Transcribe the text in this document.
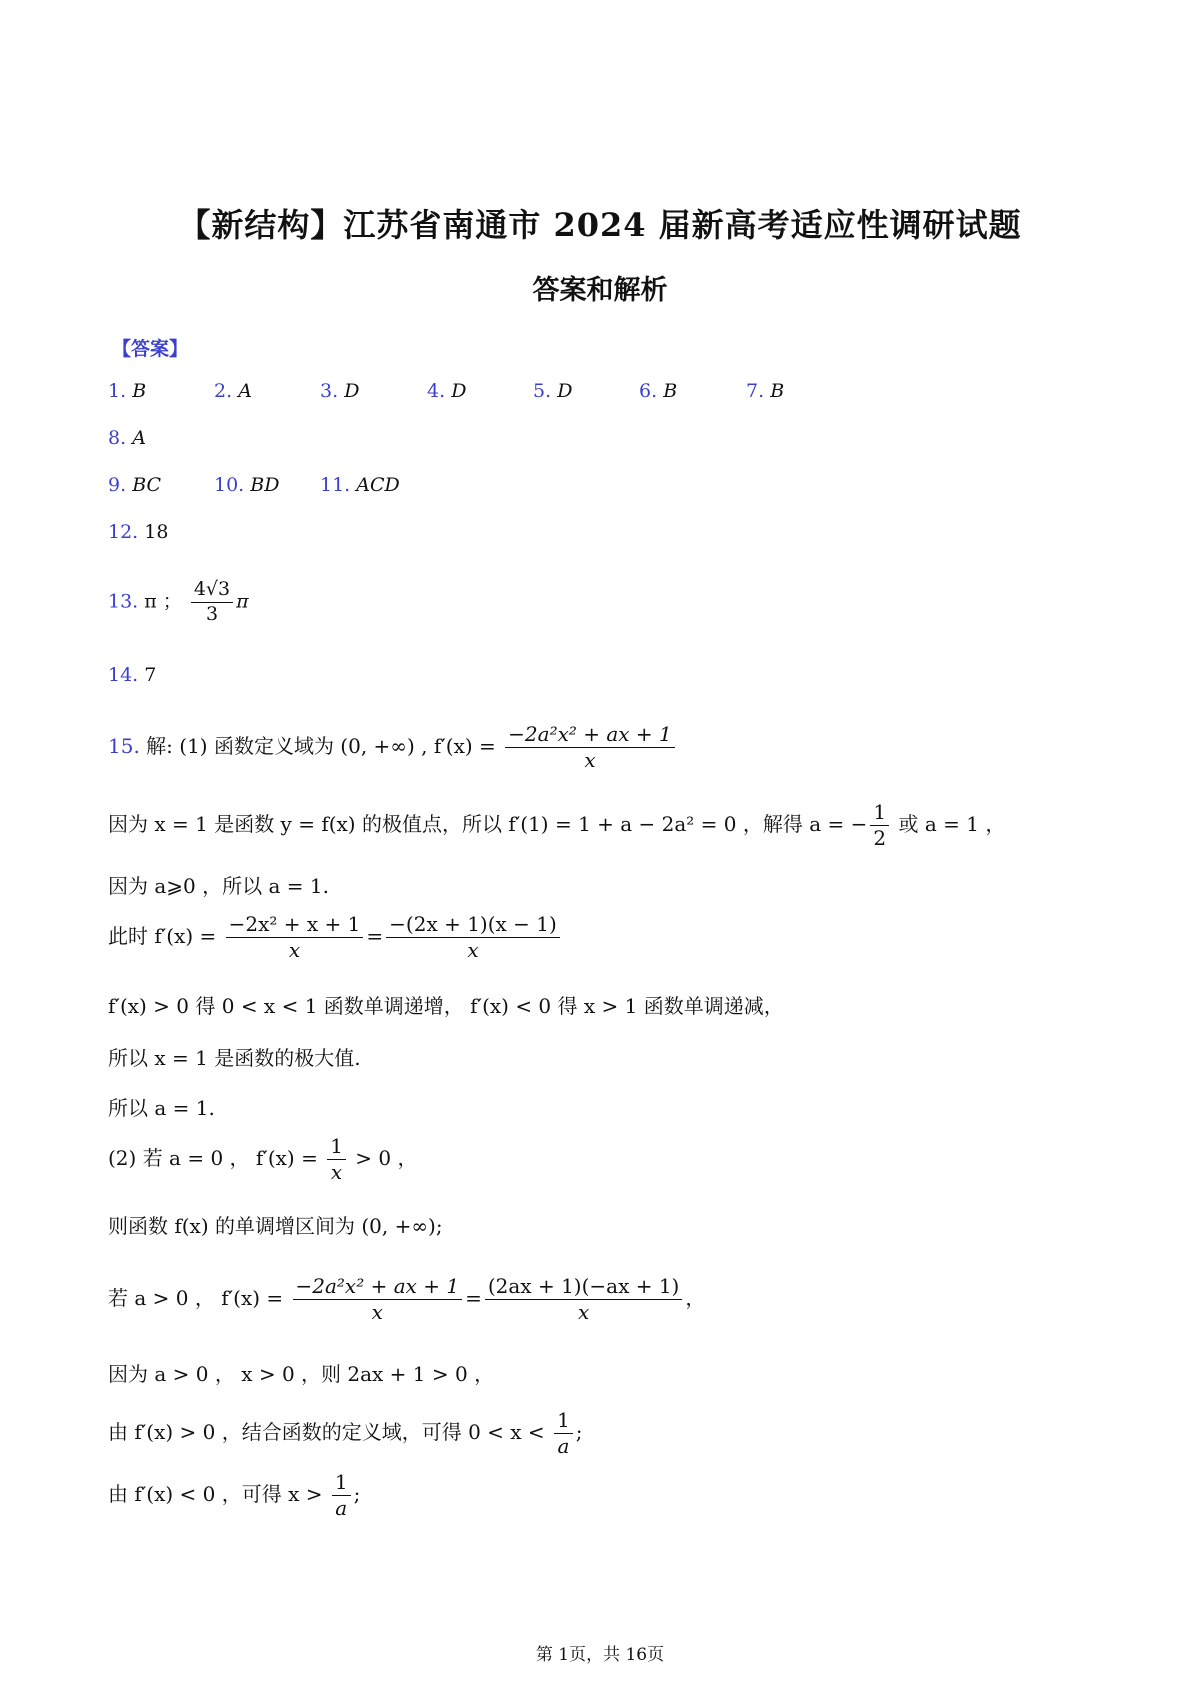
【新结构】江苏省南通市 2024 届新高考适应性调研试题
答案和解析
【答案】
1. B	2. A	3. D	4. D	5. D	6. B	7. B
8. A
9. BC	10. BD 11. ACD
12. 18
13. π ； $\frac{4√3}{3}$ π
14. 7
15. 解: (1) 函数定义域为 (0, +∞) , $f'(x) = \frac{\text{−2a²x² + ax + 1}}{x}$
因为 x = 1 是函数 y = f(x) 的极值点，所以 f′(1) = 1 + a − 2a² = 0 ，解得 a = − $\frac{1}{2}$ 或 a = 1 ，
因为 a⩾0 ，所以 a = 1.
此时 $f'(x) = \frac{\text{−2x² + x + 1}}{x} = \frac{-(2x + 1)(x - 1)}{x}$
f′(x) > 0 得 0 < x < 1 函数单调递增， f′(x) < 0 得 x > 1 函数单调递减，
所以 x = 1 是函数的极大值.
所以 a = 1.
(2) 若 a = 0 ， $f'(x) = \frac{1}{x} > 0$ ，
则函数 f(x) 的单调增区间为 (0, +∞);
若 a > 0 ， $f'(x) = \frac{\text{−2a²x² + ax + 1}}{x} = \frac{(2ax + 1)(-ax + 1)}{x}$ ，
因为 a > 0 ， x > 0 ，则 2ax + 1 > 0 ，
由 f′(x) > 0 ，结合函数的定义域，可得 $0 < x < \frac{1}{a}$ ;
由 f′(x) < 0 ，可得 $x > \frac{1}{a}$ ;
第 1页，共 16页
